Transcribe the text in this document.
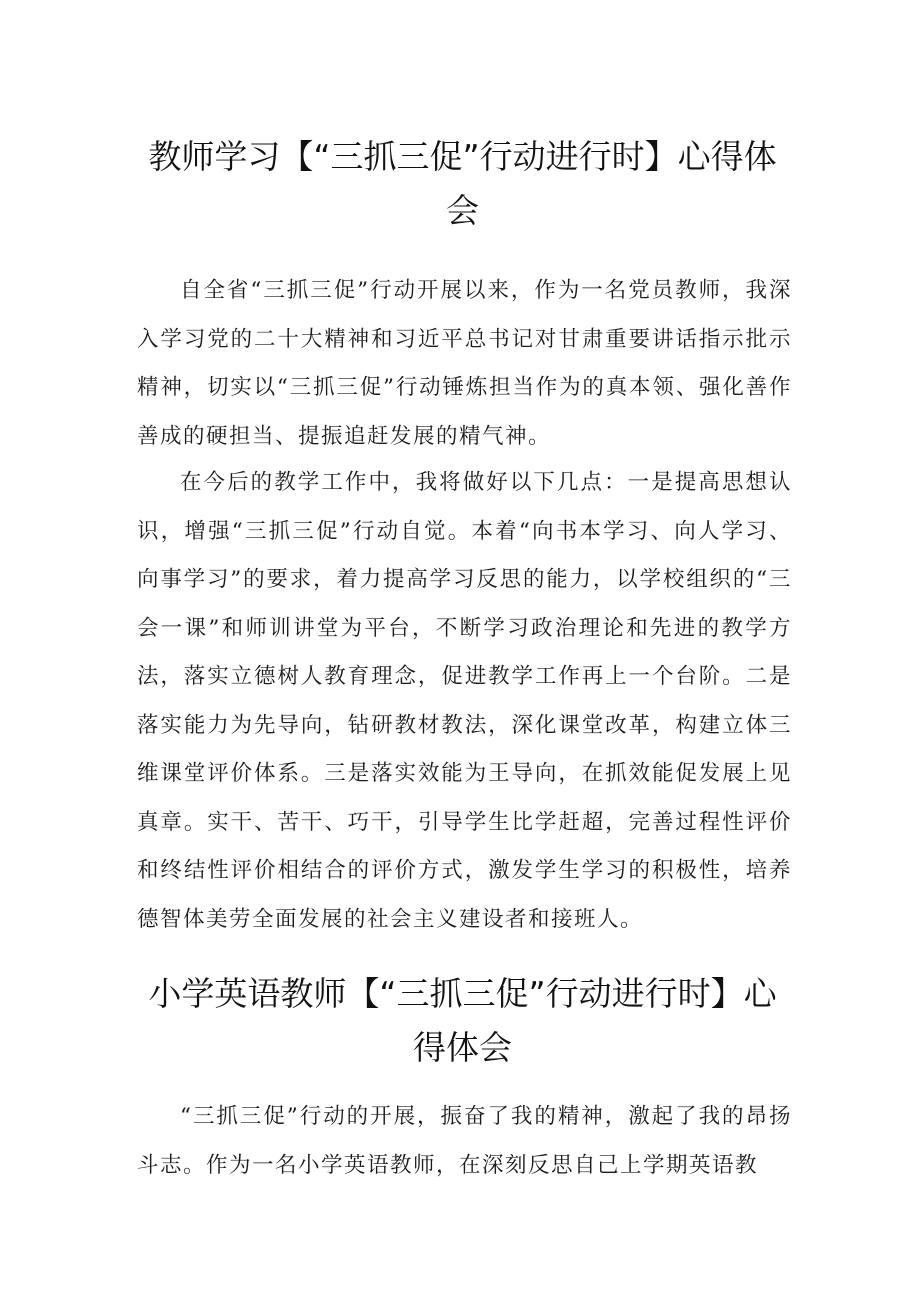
教师学习【“三抓三促”行动进行时】心得体会

自全省“三抓三促”行动开展以来，作为一名党员教师，我深入学习党的二十大精神和习近平总书记对甘肃重要讲话指示批示精神，切实以“三抓三促”行动锤炼担当作为的真本领、强化善作善成的硬担当、提振追赶发展的精气神。

在今后的教学工作中，我将做好以下几点：一是提高思想认识，增强“三抓三促”行动自觉。本着“向书本学习、向人学习、向事学习”的要求，着力提高学习反思的能力，以学校组织的“三会一课”和师训讲堂为平台，不断学习政治理论和先进的教学方法，落实立德树人教育理念，促进教学工作再上一个台阶。二是落实能力为先导向，钻研教材教法，深化课堂改革，构建立体三维课堂评价体系。三是落实效能为王导向，在抓效能促发展上见真章。实干、苦干、巧干，引导学生比学赶超，完善过程性评价和终结性评价相结合的评价方式，激发学生学习的积极性，培养德智体美劳全面发展的社会主义建设者和接班人。

小学英语教师【“三抓三促”行动进行时】心得体会

“三抓三促”行动的开展，振奋了我的精神，激起了我的昂扬斗志。作为一名小学英语教师，在深刻反思自己上学期英语教
